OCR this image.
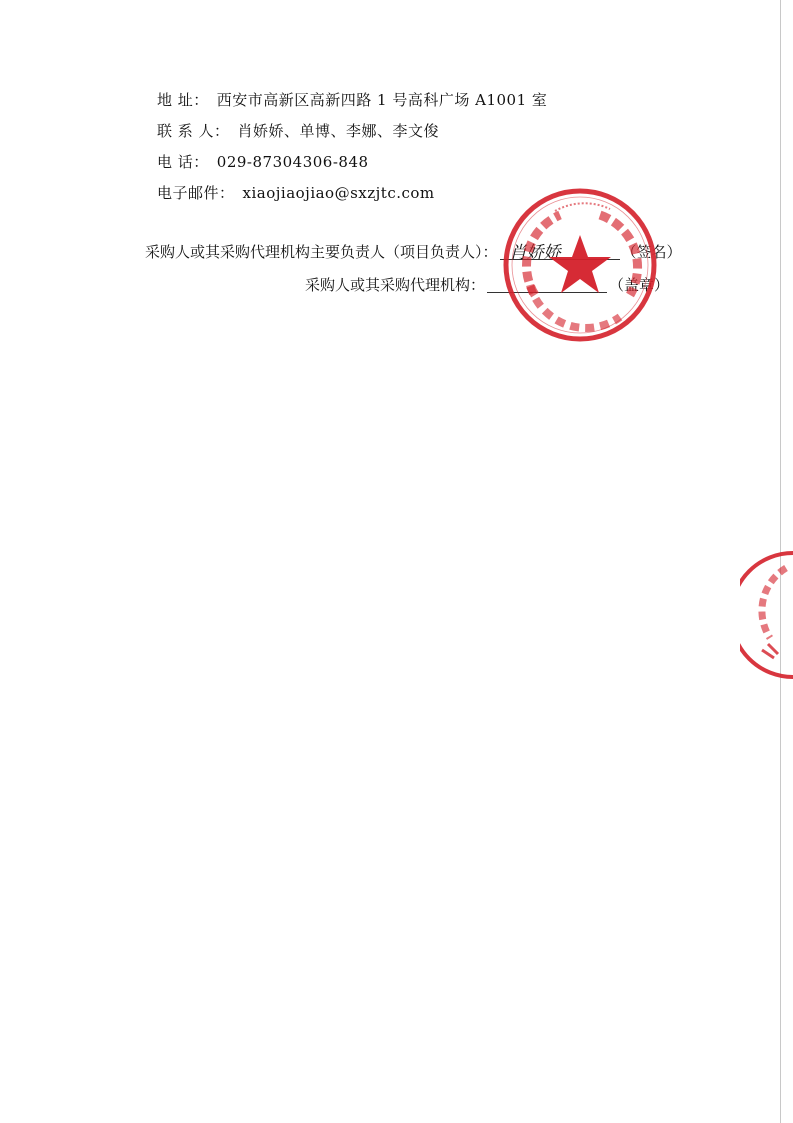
地 址： 西安市高新区高新四路 1 号高科广场 A1001 室
联 系 人： 肖娇娇、单博、李娜、李文俊
电 话： 029-87304306-848
电子邮件： xiaojiaojiao@sxzjtc.com
采购人或其采购代理机构主要负责人（项目负责人）： 肖娇娇	（签名）
采购人或其采购代理机构：	（盖章）
